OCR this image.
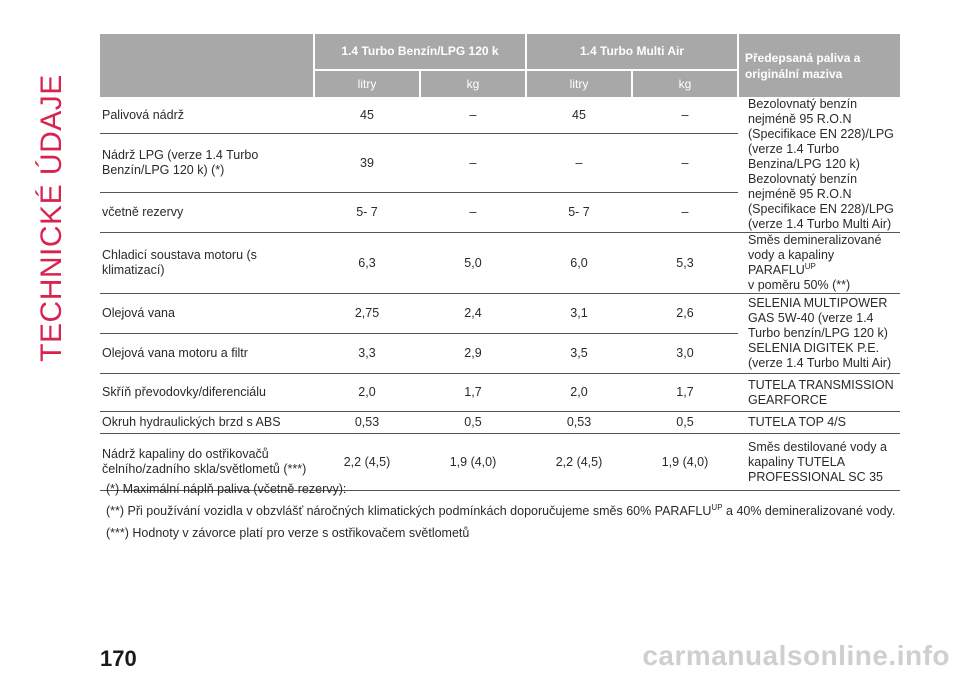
TECHNICKÉ ÚDAJE
	1.4 Turbo Benzín/LPG 120 k		1.4 Turbo Multi Air		Předepsaná paliva a originální maziva
	litry	kg	litry	kg	
Palivová nádrž	45	–	45	–	Bezolovnatý benzín nejméně 95 R.O.N (Specifikace EN 228)/LPG (verze 1.4 Turbo Benzina/LPG 120 k) Bezolovnatý benzín nejméně 95 R.O.N (Specifikace EN 228)/LPG (verze 1.4 Turbo Multi Air)
Nádrž LPG (verze 1.4 Turbo Benzín/LPG 120 k) (*)	39	–	–	–	
včetně rezervy	5- 7	–	5- 7	–	
Chladicí soustava motoru (s klimatizací)	6,3	5,0	6,0	5,3	Směs demineralizované vody a kapaliny $PARAFLU^{UP}$
v poměru 50% (**)
Olejová vana	2,75	2,4	3,1	2,6	SELENIA MULTIPOWER GAS 5W-40 (verze 1.4 Turbo benzín/LPG 120 k) SELENIA DIGITEK P.E. (verze 1.4 Turbo Multi Air)
Olejová vana motoru a filtr	3,3	2,9	3,5	3,0	
Skříň převodovky/diferenciálu	2,0	1,7	2,0	1,7	TUTELA TRANSMISSION GEARFORCE
Okruh hydraulických brzd s ABS	0,53	0,5	0,53	0,5	TUTELA TOP 4/S
Nádrž kapaliny do ostřikovačů čelního/zadního skla/světlometů (***)	2,2 (4,5)	1,9 (4,0)	2,2 (4,5)	1,9 (4,0)	Směs destilované vody a kapaliny TUTELA PROFESSIONAL SC 35
(*) Maximální náplň paliva (včetně rezervy):
(**) Při používání vozidla v obzvlášť náročných klimatických podmínkách doporučujeme směs 60% $PARAFLU^{UP}$ a 40% demineralizované vody.
(***) Hodnoty v závorce platí pro verze s ostřikovačem světlometů
170	carmanualsonline.info
